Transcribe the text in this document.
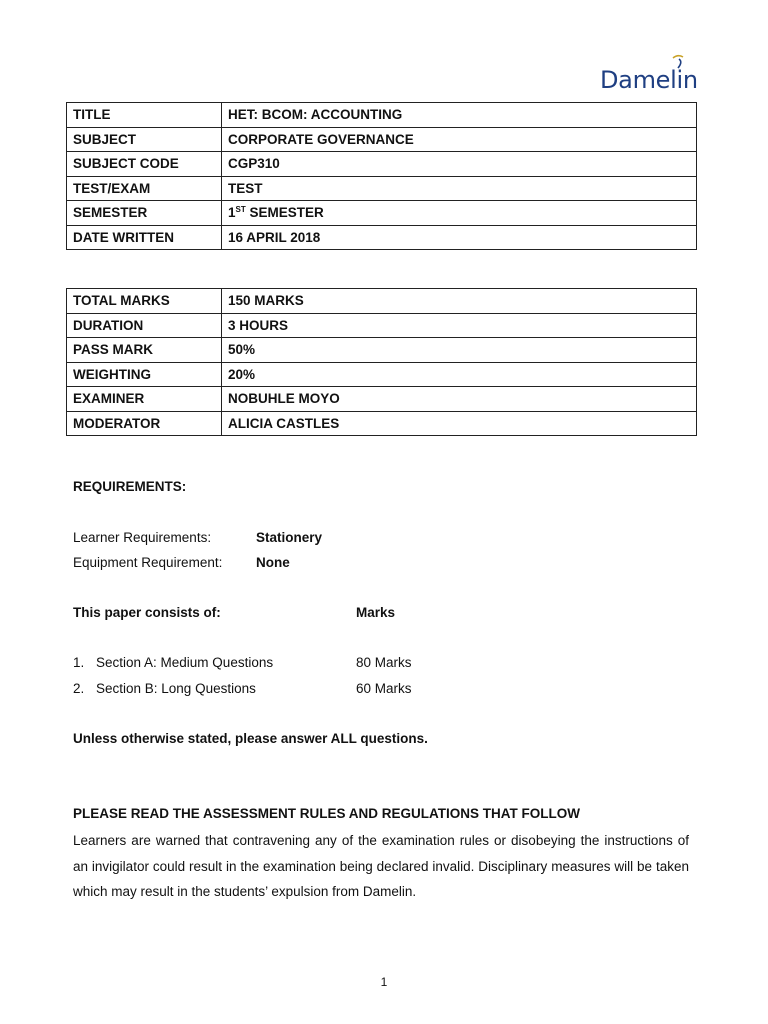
Damelin
TITLE	HET: BCOM: ACCOUNTING
SUBJECT	CORPORATE GOVERNANCE
SUBJECT CODE	CGP310
TEST/EXAM	TEST
SEMESTER	1ST SEMESTER
DATE WRITTEN	16 APRIL 2018
TOTAL MARKS	150 MARKS
DURATION	3 HOURS
PASS MARK	50%
WEIGHTING	20%
EXAMINER	NOBUHLE MOYO
MODERATOR	ALICIA CASTLES
REQUIREMENTS:
Learner Requirements:	Stationery
Equipment Requirement: None
This paper consists of:	Marks
1. Section A: Medium Questions	80 Marks
2. Section B: Long Questions	60 Marks
Unless otherwise stated, please answer ALL questions.
PLEASE READ THE ASSESSMENT RULES AND REGULATIONS THAT FOLLOW
Learners are warned that contravening any of the examination rules or disobeying the instructions of an invigilator could result in the examination being declared invalid. Disciplinary measures will be taken which may result in the students’ expulsion from Damelin.
1
